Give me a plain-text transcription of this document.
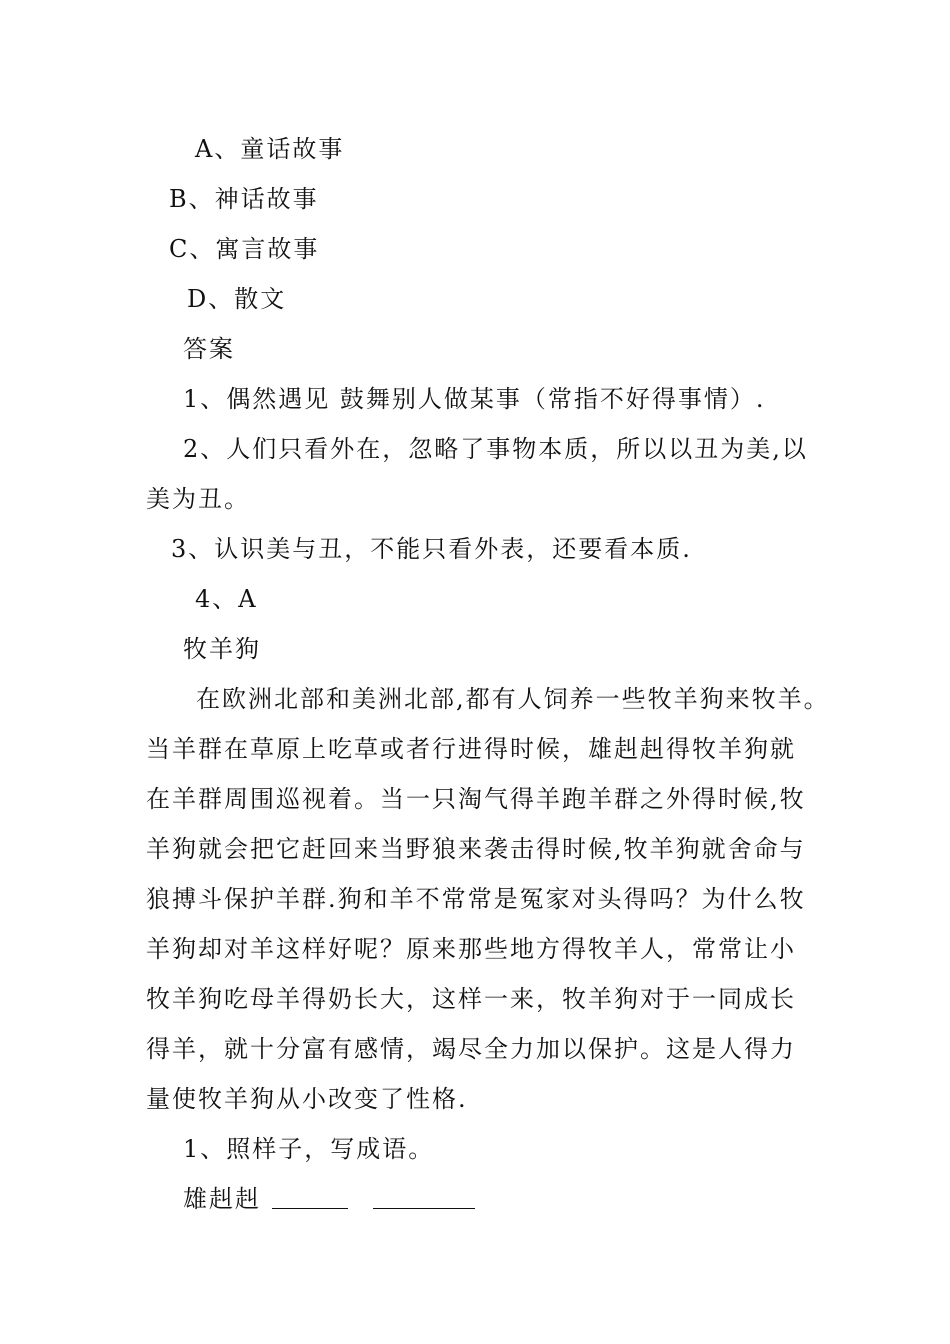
A、童话故事
B、神话故事
C、寓言故事
D、散文
答案
1、偶然遇见 鼓舞别人做某事（常指不好得事情）.
2、人们只看外在，忽略了事物本质，所以以丑为美,以
美为丑。
3、认识美与丑，不能只看外表，还要看本质.
4、A
牧羊狗
在欧洲北部和美洲北部,都有人饲养一些牧羊狗来牧羊。
当羊群在草原上吃草或者行进得时候，雄赳赳得牧羊狗就
在羊群周围巡视着。当一只淘气得羊跑羊群之外得时候,牧
羊狗就会把它赶回来当野狼来袭击得时候,牧羊狗就舍命与
狼搏斗保护羊群.狗和羊不常常是冤家对头得吗？为什么牧
羊狗却对羊这样好呢？原来那些地方得牧羊人，常常让小
牧羊狗吃母羊得奶长大，这样一来，牧羊狗对于一同成长
得羊，就十分富有感情，竭尽全力加以保护。这是人得力
量使牧羊狗从小改变了性格.
1、照样子，写成语。
雄赳赳
